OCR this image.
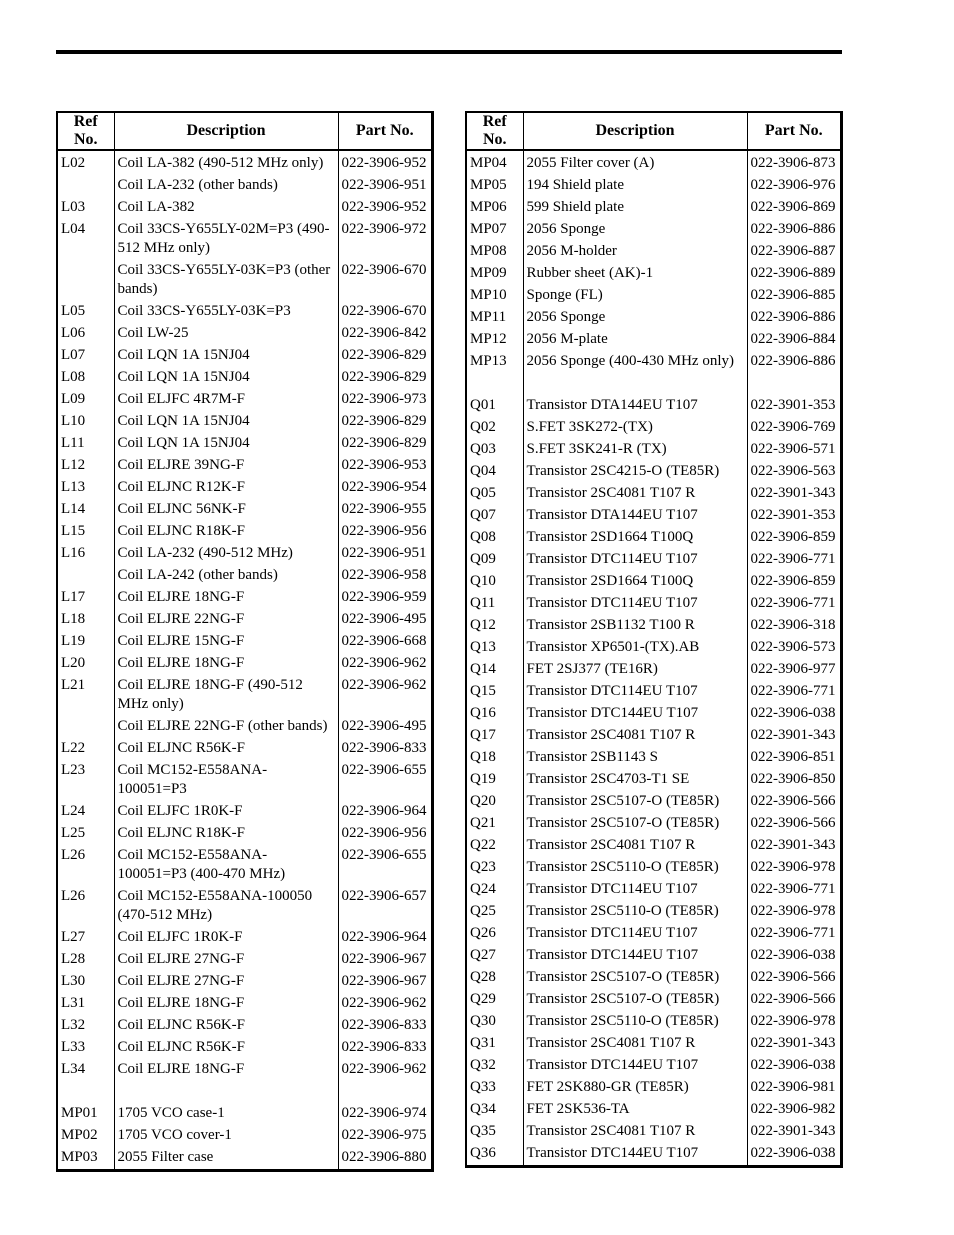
Ref No.	Description	Part No.
L02	Coil LA-382 (490-512 MHz only)	022-3906-952
	Coil LA-232 (other bands)	022-3906-951
L03	Coil LA-382	022-3906-952
L04	Coil 33CS-Y655LY-02M=P3 (490-512 MHz only)	022-3906-972
	Coil 33CS-Y655LY-03K=P3 (other bands)	022-3906-670
L05	Coil 33CS-Y655LY-03K=P3	022-3906-670
L06	Coil LW-25	022-3906-842
L07	Coil LQN 1A 15NJ04	022-3906-829
L08	Coil LQN 1A 15NJ04	022-3906-829
L09	Coil ELJFC 4R7M-F	022-3906-973
L10	Coil LQN 1A 15NJ04	022-3906-829
L11	Coil LQN 1A 15NJ04	022-3906-829
L12	Coil ELJRE 39NG-F	022-3906-953
L13	Coil ELJNC R12K-F	022-3906-954
L14	Coil ELJNC 56NK-F	022-3906-955
L15	Coil ELJNC R18K-F	022-3906-956
L16	Coil LA-232 (490-512 MHz)	022-3906-951
	Coil LA-242 (other bands)	022-3906-958
L17	Coil ELJRE 18NG-F	022-3906-959
L18	Coil ELJRE 22NG-F	022-3906-495
L19	Coil ELJRE 15NG-F	022-3906-668
L20	Coil ELJRE 18NG-F	022-3906-962
L21	Coil ELJRE 18NG-F (490-512 MHz only)	022-3906-962
	Coil ELJRE 22NG-F (other bands)	022-3906-495
L22	Coil ELJNC R56K-F	022-3906-833
L23	Coil MC152-E558ANA-100051=P3	022-3906-655
L24	Coil ELJFC 1R0K-F	022-3906-964
L25	Coil ELJNC R18K-F	022-3906-956
L26	Coil MC152-E558ANA-100051=P3 (400-470 MHz)	022-3906-655
L26	Coil MC152-E558ANA-100050 (470-512 MHz)	022-3906-657
L27	Coil ELJFC 1R0K-F	022-3906-964
L28	Coil ELJRE 27NG-F	022-3906-967
L30	Coil ELJRE 27NG-F	022-3906-967
L31	Coil ELJRE 18NG-F	022-3906-962
L32	Coil ELJNC R56K-F	022-3906-833
L33	Coil ELJNC R56K-F	022-3906-833
L34	Coil ELJRE 18NG-F	022-3906-962

MP01	1705 VCO case-1	022-3906-974
MP02	1705 VCO cover-1	022-3906-975
MP03	2055 Filter case	022-3906-880
Ref No.	Description	Part No.
MP04	2055 Filter cover (A)	022-3906-873
MP05	194 Shield plate	022-3906-976
MP06	599 Shield plate	022-3906-869
MP07	2056 Sponge	022-3906-886
MP08	2056 M-holder	022-3906-887
MP09	Rubber sheet (AK)-1	022-3906-889
MP10	Sponge (FL)	022-3906-885
MP11	2056 Sponge	022-3906-886
MP12	2056 M-plate	022-3906-884
MP13	2056 Sponge (400-430 MHz only)	022-3906-886

Q01	Transistor DTA144EU T107	022-3901-353
Q02	S.FET 3SK272-(TX)	022-3906-769
Q03	S.FET 3SK241-R (TX)	022-3906-571
Q04	Transistor 2SC4215-O (TE85R)	022-3906-563
Q05	Transistor 2SC4081 T107 R	022-3901-343
Q07	Transistor DTA144EU T107	022-3901-353
Q08	Transistor 2SD1664 T100Q	022-3906-859
Q09	Transistor DTC114EU T107	022-3906-771
Q10	Transistor 2SD1664 T100Q	022-3906-859
Q11	Transistor DTC114EU T107	022-3906-771
Q12	Transistor 2SB1132 T100 R	022-3906-318
Q13	Transistor XP6501-(TX).AB	022-3906-573
Q14	FET 2SJ377 (TE16R)	022-3906-977
Q15	Transistor DTC114EU T107	022-3906-771
Q16	Transistor DTC144EU T107	022-3906-038
Q17	Transistor 2SC4081 T107 R	022-3901-343
Q18	Transistor 2SB1143 S	022-3906-851
Q19	Transistor 2SC4703-T1 SE	022-3906-850
Q20	Transistor 2SC5107-O (TE85R)	022-3906-566
Q21	Transistor 2SC5107-O (TE85R)	022-3906-566
Q22	Transistor 2SC4081 T107 R	022-3901-343
Q23	Transistor 2SC5110-O (TE85R)	022-3906-978
Q24	Transistor DTC114EU T107	022-3906-771
Q25	Transistor 2SC5110-O (TE85R)	022-3906-978
Q26	Transistor DTC114EU T107	022-3906-771
Q27	Transistor DTC144EU T107	022-3906-038
Q28	Transistor 2SC5107-O (TE85R)	022-3906-566
Q29	Transistor 2SC5107-O (TE85R)	022-3906-566
Q30	Transistor 2SC5110-O (TE85R)	022-3906-978
Q31	Transistor 2SC4081 T107 R	022-3901-343
Q32	Transistor DTC144EU T107	022-3906-038
Q33	FET 2SK880-GR (TE85R)	022-3906-981
Q34	FET 2SK536-TA	022-3906-982
Q35	Transistor 2SC4081 T107 R	022-3901-343
Q36	Transistor DTC144EU T107	022-3906-038
